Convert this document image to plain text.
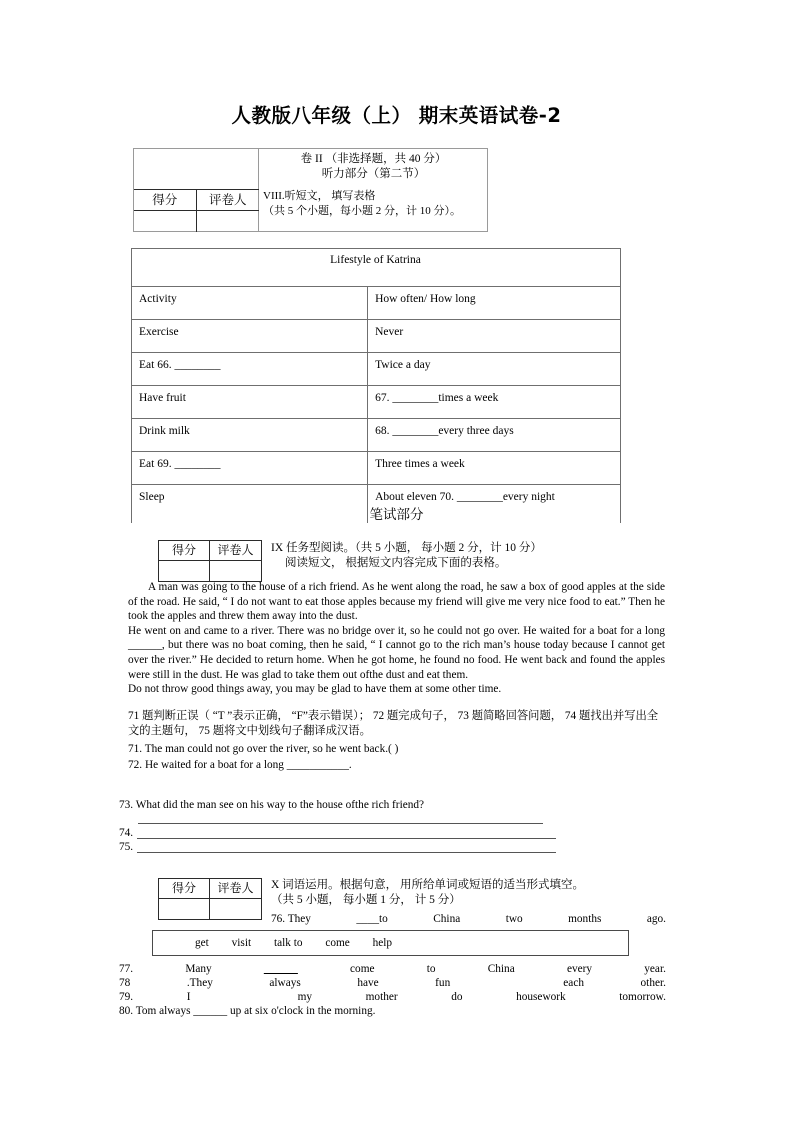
人教版八年级（上） 期末英语试卷-2
得分	评卷人
卷 II （非选择题，共 40 分）
听力部分（第二节）
VIII.听短文， 填写表格
（共 5 个小题，每小题 2 分，计 10 分）。
Lifestyle of Katrina	
Activity	How often/ How long
Exercise	Never
Eat 66. ________	Twice a day
Have fruit	67. ________times a week
Drink milk	68. ________every three days
Eat 69. ________	Three times a week
Sleep	About eleven 70. ________every night
笔试部分
得分	评卷人	IX 任务型阅读。（共 5 小题， 每小题 2 分，计 10 分）
阅读短文， 根据短文内容完成下面的表格。

A man was going to the house of a rich friend. As he went along the road, he saw a box of good apples at the side of the road. He said, “ I do not want to eat those apples because my friend will give me very nice food to eat.” Then he took the apples and threw them away into the dust.

He went on and came to a river. There was no bridge over it, so he could not go over. He waited for a boat for a long ______, but there was no boat coming, then he said, “ I cannot go to the rich man’s house today because I cannot get over the river.” He decided to return home. When he got home, he found no food. He went back and found the apples were still in the dust. He was glad to take them out ofthe dust and eat them.

Do not throw good things away, you may be glad to have them at some other time.

71 题判断正误（ “T ”表示正确， “F”表示错误）； 72 题完成句子， 73 题简略回答问题， 74 题找出并写出全文的主题句， 75 题将文中划线句子翻译成汉语。
71. The man could not go over the river, so he went back.( )
72. He waited for a boat for a long ___________.
73. What did the man see on his way to the house ofthe rich friend?
74.
75.
得分	评卷人	X 词语运用。根据句意， 用所给单词或短语的适当形式填空。
（共 5 小题， 每小题 1 分， 计 5 分）
76. They	____to	China	two	months	ago.
get visit talk to come help
77.	Many	______	come	to	China	every	year.
78	.They	always	have	fun	each	other.
79.	I	my	mother	do	housework	tomorrow.
80. Tom always ______ up at six o'clock in the morning.
